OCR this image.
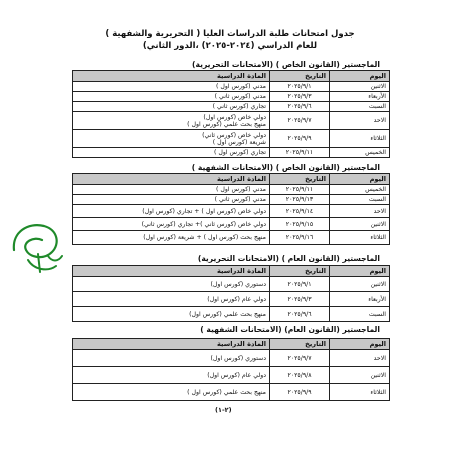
جدول امتحانات طلبة الدراسات العليا ( التحريرية والشفهية )
للعام الدراسي (٢٠٢٤-٢٠٢٥) ،الدور الثاني)
الماجستير (القانون الخاص ) (الامتحانات التحريرية)
اليوم	التاريخ	المادة الدراسية
الاثنين	٢٠٢٥/٩/١	مدني (كورس اول )
الأربعاء	٢٠٢٥/٩/٣	مدني (كورس ثاني )
السبت	٢٠٢٥/٩/٦	تجاري (كورس ثاني )
الاحد	٢٠٢٥/٩/٧	دولي خاص (كورس اول)
منهج بحث علمي (كورس اول )

الثلاثاء	٢٠٢٥/٩/٩	دولي خاص (كورس ثاني)
شريعة (كورس اول )

الخميس	٢٠٢٥/٩/١١	تجاري (كورس اول )
الماجستير (القانون الخاص ) (الامتحانات الشفهية )
اليوم	التاريخ	المادة الدراسية
الخميس	٢٠٢٥/٩/١١	مدني (كورس اول )
السبت	٢٠٢٥/٩/١٣	مدني (كورس ثاني )
الاحد	٢٠٢٥/٩/١٤	دولي خاص (كورس اول ) + تجاري (كورس اول)
الاثنين	٢٠٢٥/٩/١٥	دولي خاص (كورس ثاني )+ تجاري (كورس ثاني)
الثلاثاء	٢٠٢٥/٩/١٦	منهج بحث (كورس اول ) + شريعة (كورس اول)
الماجستير (القانون العام ) (الامتحانات التحريرية)
اليوم	التاريخ	المادة الدراسية
الاثنين	٢٠٢٥/٩/١	دستوري (كورس اول)
الأربعاء	٢٠٢٥/٩/٣	دولي عام (كورس اول)
السبت	٢٠٢٥/٩/٦	منهج بحث علمي (كورس اول)
الماجستير (القانون العام) (الامتحانات الشفهية )
اليوم	التاريخ	المادة الدراسية
الاحد	٢٠٢٥/٩/٧	دستوري (كورس اول)
الاثنين	٢٠٢٥/٩/٨	دولي عام (كورس اول)
الثلاثاء	٢٠٢٥/٩/٩	منهج بحث علمي (كورس اول )
(٢-١)
